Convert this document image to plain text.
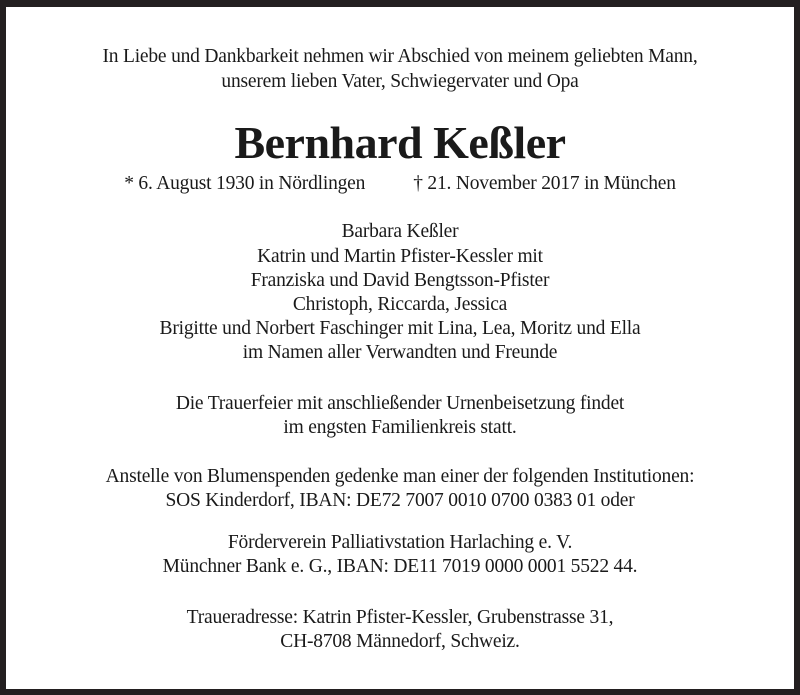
In Liebe und Dankbarkeit nehmen wir Abschied von meinem geliebten Mann,
unserem lieben Vater, Schwiegervater und Opa
Bernhard Keßler
* 6. August 1930 in Nördlingen † 21. November 2017 in München
Barbara Keßler
Katrin und Martin Pfister-Kessler mit
Franziska und David Bengtsson-Pfister
Christoph, Riccarda, Jessica
Brigitte und Norbert Faschinger mit Lina, Lea, Moritz und Ella
im Namen aller Verwandten und Freunde
Die Trauerfeier mit anschließender Urnenbeisetzung findet
im engsten Familienkreis statt.
Anstelle von Blumenspenden gedenke man einer der folgenden Institutionen:
SOS Kinderdorf, IBAN: DE72 7007 0010 0700 0383 01 oder
Förderverein Palliativstation Harlaching e. V.
Münchner Bank e. G., IBAN: DE11 7019 0000 0001 5522 44.
Traueradresse: Katrin Pfister-Kessler, Grubenstrasse 31,
CH-8708 Männedorf, Schweiz.
